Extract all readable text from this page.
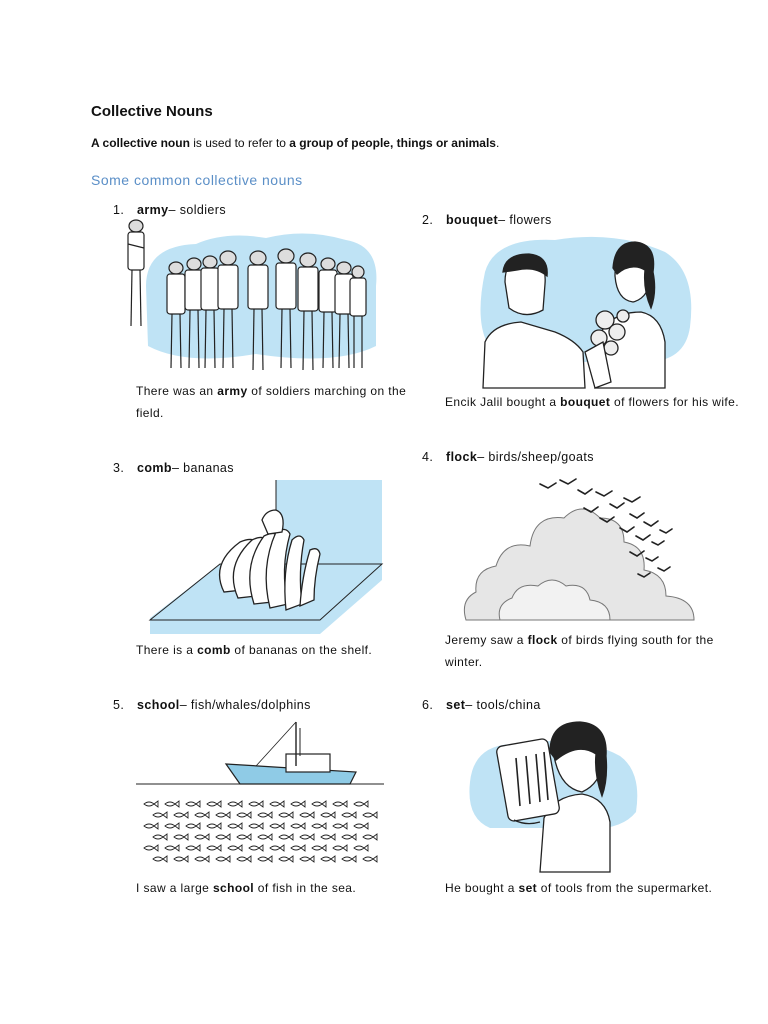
Collective Nouns
A collective noun is used to refer to a group of people, things or animals.
Some common collective nouns
1.	army – soldiers
There was an army of soldiers marching on the field.
2.	bouquet – flowers
Encik Jalil bought a bouquet of flowers for his wife.
3.	comb – bananas
There is a comb of bananas on the shelf.
4.	flock – birds/sheep/goats
Jeremy saw a flock of birds flying south for the winter.
5.	school – fish/whales/dolphins
I saw a large school of fish in the sea.
6.	set – tools/china
He bought a set of tools from the supermarket.
